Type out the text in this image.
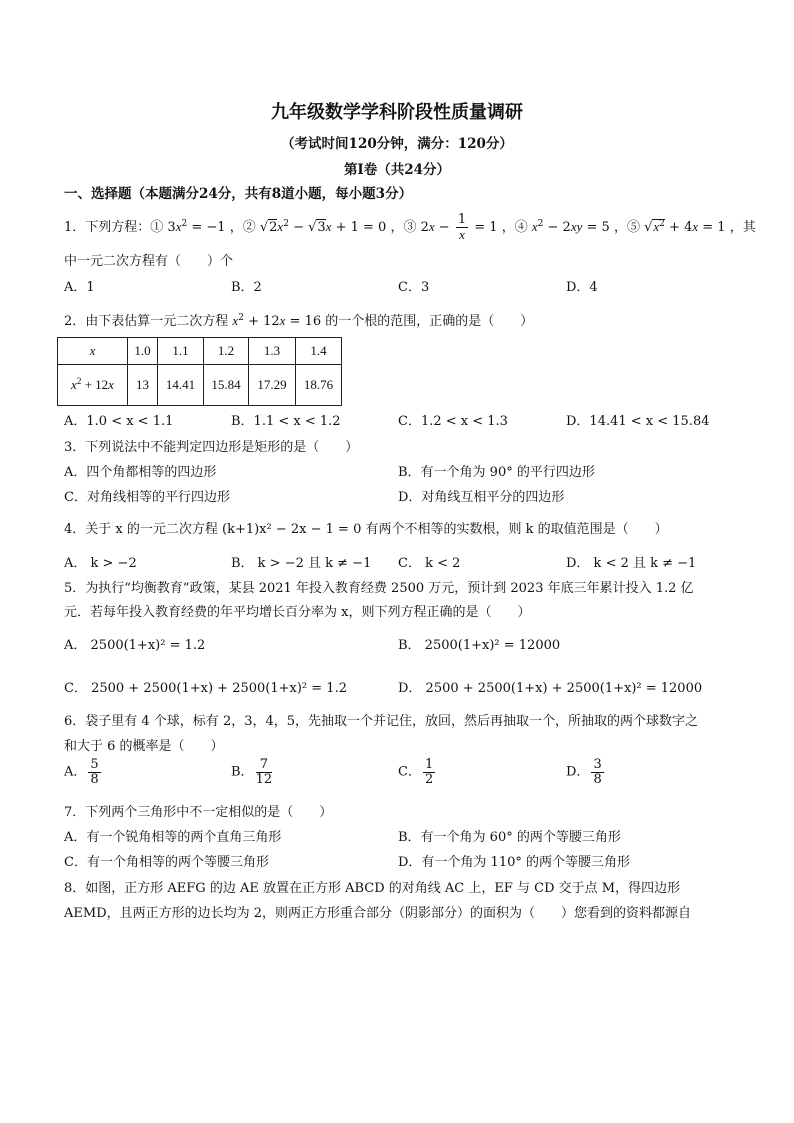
九年级数学学科阶段性质量调研
（考试时间120分钟，满分：120分）
第Ⅰ卷（共24分）
一、选择题（本题满分24分，共有8道小题，每小题3分）
1．下列方程：① $3x^2 = -1$ ，② $√2x^2 - √3x + 1 = 0$ ，③ $2x - \frac{1}{x} = 1$ ，④ $x^2 - 2xy = 5$ ，⑤ $√x^2 + 4x = 1$ ，其
中一元二次方程有（　　）个
A．1	B．2	C．3	D．4
2．由下表估算一元二次方程 $x^2 + 12x = 16$ 的一个根的范围，正确的是（　　）
x	1.0	1.1	1.2	1.3	1.4
$x^2 + 12x$	13	14.41	15.84	17.29	18.76
A．1.0 < x < 1.1	B．1.1 < x < 1.2	C．1.2 < x < 1.3	D．14.41 < x < 15.84
3．下列说法中不能判定四边形是矩形的是（　　）
A．四个角都相等的四边形	B．有一个角为 90° 的平行四边形
C．对角线相等的平行四边形	D．对角线互相平分的四边形
4．关于 x 的一元二次方程 (k+1)x² − 2x − 1 = 0 有两个不相等的实数根，则 k 的取值范围是（　　）
A． k > −2	B． k > −2 且 k ≠ −1 C． k < 2	D． k < 2 且 k ≠ −1
5．为执行“均衡教育”政策，某县 2021 年投入教育经费 2500 万元，预计到 2023 年底三年累计投入 1.2 亿
元．若每年投入教育经费的年平均增长百分率为 x，则下列方程正确的是（　　）
A． 2500(1+x)² = 1.2	B． 2500(1+x)² = 12000
C． 2500 + 2500(1+x) + 2500(1+x)² = 1.2	D． 2500 + 2500(1+x) + 2500(1+x)² = 12000
6．袋子里有 4 个球，标有 2，3，4，5，先抽取一个并记住，放回，然后再抽取一个，所抽取的两个球数字之
和大于 6 的概率是（　　）
A． $\frac{5}{8}$	B． $\frac{7}{12}$	C． $\frac{1}{2}$	D． $\frac{3}{8}$
7．下列两个三角形中不一定相似的是（　　）
A．有一个锐角相等的两个直角三角形	B．有一个角为 60° 的两个等腰三角形
C．有一个角相等的两个等腰三角形	D．有一个角为 110° 的两个等腰三角形
8．如图，正方形 AEFG 的边 AE 放置在正方形 ABCD 的对角线 AC 上，EF 与 CD 交于点 M，得四边形
AEMD，且两正方形的边长均为 2，则两正方形重合部分（阴影部分）的面积为（　　）您看到的资料都源自
